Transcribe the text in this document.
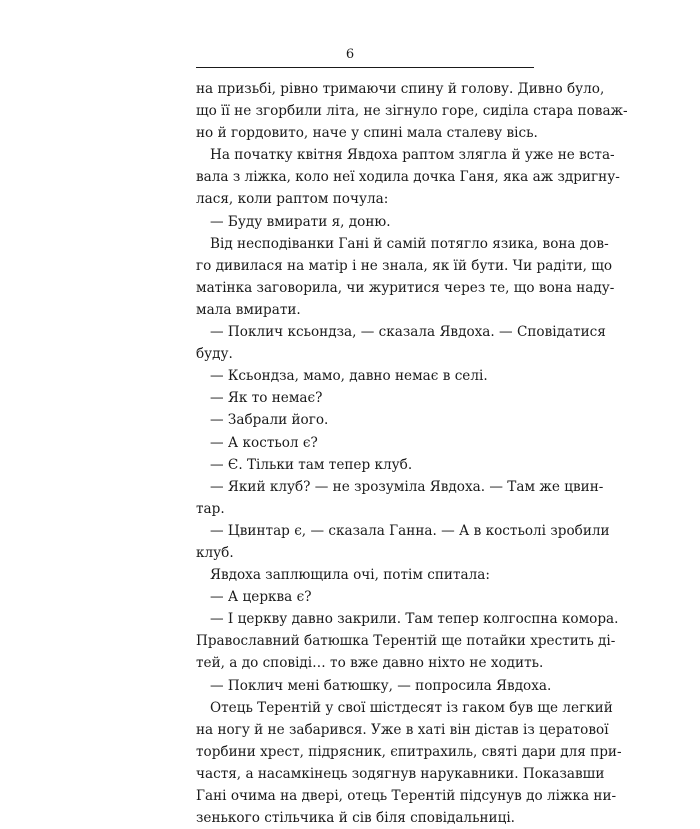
6
на призьбі, рівно тримаючи спину й голову. Дивно було,
що її не згорбили літа, не зігнуло горе, сиділа стара поваж-
но й гордовито, наче у спині мала сталеву вісь.
На початку квітня Явдоха раптом злягла й уже не вста-
вала з ліжка, коло неї ходила дочка Ганя, яка аж здригну-
лася, коли раптом почула:
— Буду вмирати я, доню.
Від несподіванки Гані й самій потягло язика, вона дов-
го дивилася на матір і не знала, як їй бути. Чи радіти, що
матінка заговорила, чи журитися через те, що вона наду-
мала вмирати.
— Поклич ксьондза, — сказала Явдоха. — Сповідатися
буду.
— Ксьондза, мамо, давно немає в селі.
— Як то немає?
— Забрали його.
— А костьол є?
— Є. Тільки там тепер клуб.
— Який клуб? — не зрозуміла Явдоха. — Там же цвин-
тар.
— Цвинтар є, — сказала Ганна. — А в костьолі зробили
клуб.
Явдоха заплющила очі, потім спитала:
— А церква є?
— І церкву давно закрили. Там тепер колгоспна комора.
Православний батюшка Терентій ще потайки хрестить ді-
тей, а до сповіді… то вже давно ніхто не ходить.
— Поклич мені батюшку, — попросила Явдоха.
Отець Терентій у свої шістдесят із гаком був ще легкий
на ногу й не забарився. Уже в хаті він дістав із цератової
торбини хрест, підрясник, єпитрахиль, святі дари для при-
частя, а насамкінець зодягнув нарукавники. Показавши
Гані очима на двері, отець Терентій підсунув до ліжка ни-
зенького стільчика й сів біля сповідальниці.
